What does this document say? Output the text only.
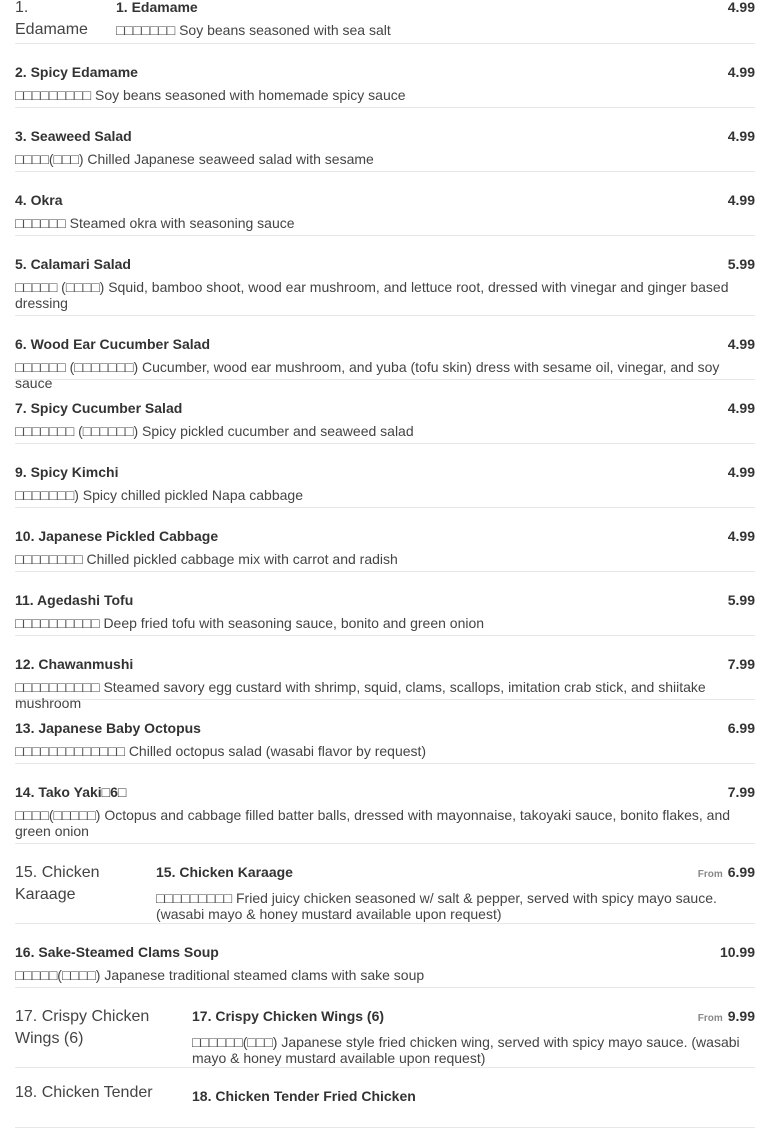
1. Edamame
1. Edamame	4.99
□□□□□□□ Soy beans seasoned with sea salt
2. Spicy Edamame	4.99
□□□□□□□□□ Soy beans seasoned with homemade spicy sauce
3. Seaweed Salad	4.99
□□□□(□□□) Chilled Japanese seaweed salad with sesame
4. Okra	4.99
□□□□□□ Steamed okra with seasoning sauce
5. Calamari Salad	5.99
□□□□□ (□□□□) Squid, bamboo shoot, wood ear mushroom, and lettuce root, dressed with vinegar and ginger based dressing
6. Wood Ear Cucumber Salad	4.99
□□□□□□ (□□□□□□□) Cucumber, wood ear mushroom, and yuba (tofu skin) dress with sesame oil, vinegar, and soy sauce
7. Spicy Cucumber Salad	4.99
□□□□□□□ (□□□□□□) Spicy pickled cucumber and seaweed salad
9. Spicy Kimchi	4.99
□□□□□□□) Spicy chilled pickled Napa cabbage
10. Japanese Pickled Cabbage	4.99
□□□□□□□□ Chilled pickled cabbage mix with carrot and radish
11. Agedashi Tofu	5.99
□□□□□□□□□□ Deep fried tofu with seasoning sauce, bonito and green onion
12. Chawanmushi	7.99
□□□□□□□□□□ Steamed savory egg custard with shrimp, squid, clams, scallops, imitation crab stick, and shiitake mushroom
13. Japanese Baby Octopus	6.99
□□□□□□□□□□□□□ Chilled octopus salad (wasabi flavor by request)
14. Tako Yaki□6□	7.99
□□□□(□□□□□) Octopus and cabbage filled batter balls, dressed with mayonnaise, takoyaki sauce, bonito flakes, and green onion
15. Chicken Karaage
15. Chicken Karaage	From 6.99
□□□□□□□□□ Fried juicy chicken seasoned w/ salt & pepper, served with spicy mayo sauce. (wasabi mayo & honey mustard available upon request)
16. Sake-Steamed Clams Soup	10.99
□□□□□(□□□□) Japanese traditional steamed clams with sake soup
17. Crispy Chicken Wings (6)
17. Crispy Chicken Wings (6)	From 9.99
□□□□□□(□□□) Japanese style fried chicken wing, served with spicy mayo sauce. (wasabi mayo & honey mustard available upon request)
18. Chicken Tender	18. Chicken Tender Fried Chicken
